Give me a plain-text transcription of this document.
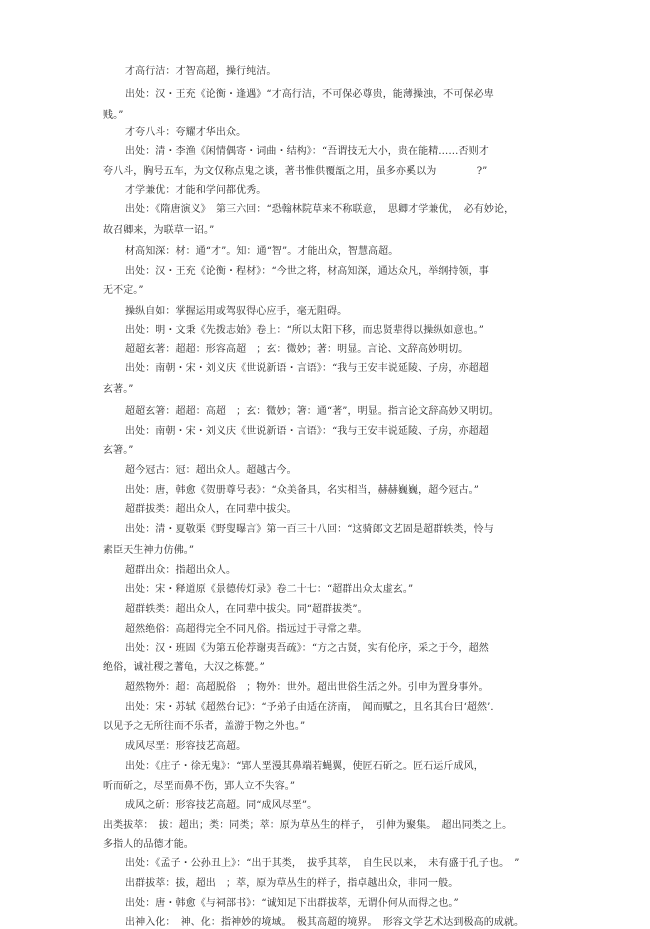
才高行洁：才智高超，操行纯洁。
出处：汉・王充《论衡・逢遇》“才高行洁，不可保必尊贵，能薄操浊，不可保必卑
贱。”
才夸八斗：夸耀才华出众。
出处：清・李渔《闲情偶寄・词曲・结构》：“吾谓技无大小，贵在能精……否则才
夸八斗，胸号五车，为文仅称点鬼之谈，著书惟供覆瓿之用，虽多亦奚以为　　　　?”
才学兼优：才能和学问都优秀。
出处：《隋唐演义》　第三六回：“恐翰林院草来不称联意，　思卿才学兼优，　必有妙论，
故召卿来，为联草一诏。”
材高知深：材：通“才”。知：通“智”。才能出众，智慧高超。
出处：汉・王充《论衡・程材》：“今世之将，材高知深，通达众凡，举纲持领，事
无不定。”
操纵自如：掌握运用或驾驭得心应手，毫无阻碍。
出处：明・文秉《先拨志始》卷上：“所以太阳下移，而忠贤辈得以操纵如意也。”
超超玄著：超超：形容高超　；玄：微妙；著：明显。言论、文辞高妙明切。
出处：南朝・宋・刘义庆《世说新语・言语》：“我与王安丰说延陵、子房，亦超超
玄著。”
超超玄箸：超超：高超　；玄：微妙；箸：通“著”，明显。指言论文辞高妙又明切。
出处：南朝・宋・刘义庆《世说新语・言语》：“我与王安丰说延陵、子房，亦超超
玄箸。”
超今冠古：冠：超出众人。超越古今。
出处：唐，韩愈《贺册尊号表》：“众美备具，名实相当，赫赫巍巍，超今冠古。”
超群拔类：超出众人，在同辈中拔尖。
出处：清・夏敬渠《野叟曝言》第一百三十八回：“这骑郎文艺固是超群轶类，怜与
素臣天生神力仿佛。”
超群出众：指超出众人。
出处：宋・释道原《景德传灯录》卷二十七：“超群出众太虚玄。”
超群轶类：超出众人，在同辈中拔尖。同“超群拔类”。
超然绝俗：高超得完全不同凡俗。指远过于寻常之辈。
出处：汉・班固《为第五伦荐谢夷吾疏》：“方之古贤，实有伦序，采之于今，超然
绝俗，诚社稷之蓍龟，大汉之栋甍。”
超然物外：超：高超脱俗　；物外：世外。超出世俗生活之外。引申为置身事外。
出处：宋・苏轼《超然台记》：“予弟子由适在济南，　闻而赋之，且名其台曰‘超然’．
以见予之无所往而不乐者，盖游于物之外也。”
成风尽垩：形容技艺高超。
出处：《庄子・徐无鬼》：“郢人垩漫其鼻端若蝇翼，使匠石斫之。匠石运斤成风，
听而斫之，尽垩而鼻不伤，郢人立不失容。”
成风之斫：形容技艺高超。同“成风尽垩”。
出类拔萃：　拔：超出；类：同类；萃：原为草丛生的样子，　引伸为聚集。　超出同类之上。
多指人的品德才能。
出处：《孟子・公孙丑上》：“出于其类，　拔乎其萃，　自生民以来，　未有盛于孔子也。　”
出群拔萃：拔，超出　；萃，原为草丛生的样子，指卓越出众，非同一般。
出处：唐・韩愈《与祠部书》：“诚知足下出群拔萃，无谓仆何从而得之也。”
出神入化：　神、化：指神妙的境域。　极其高超的境界。　形容文学艺术达到极高的成就。
